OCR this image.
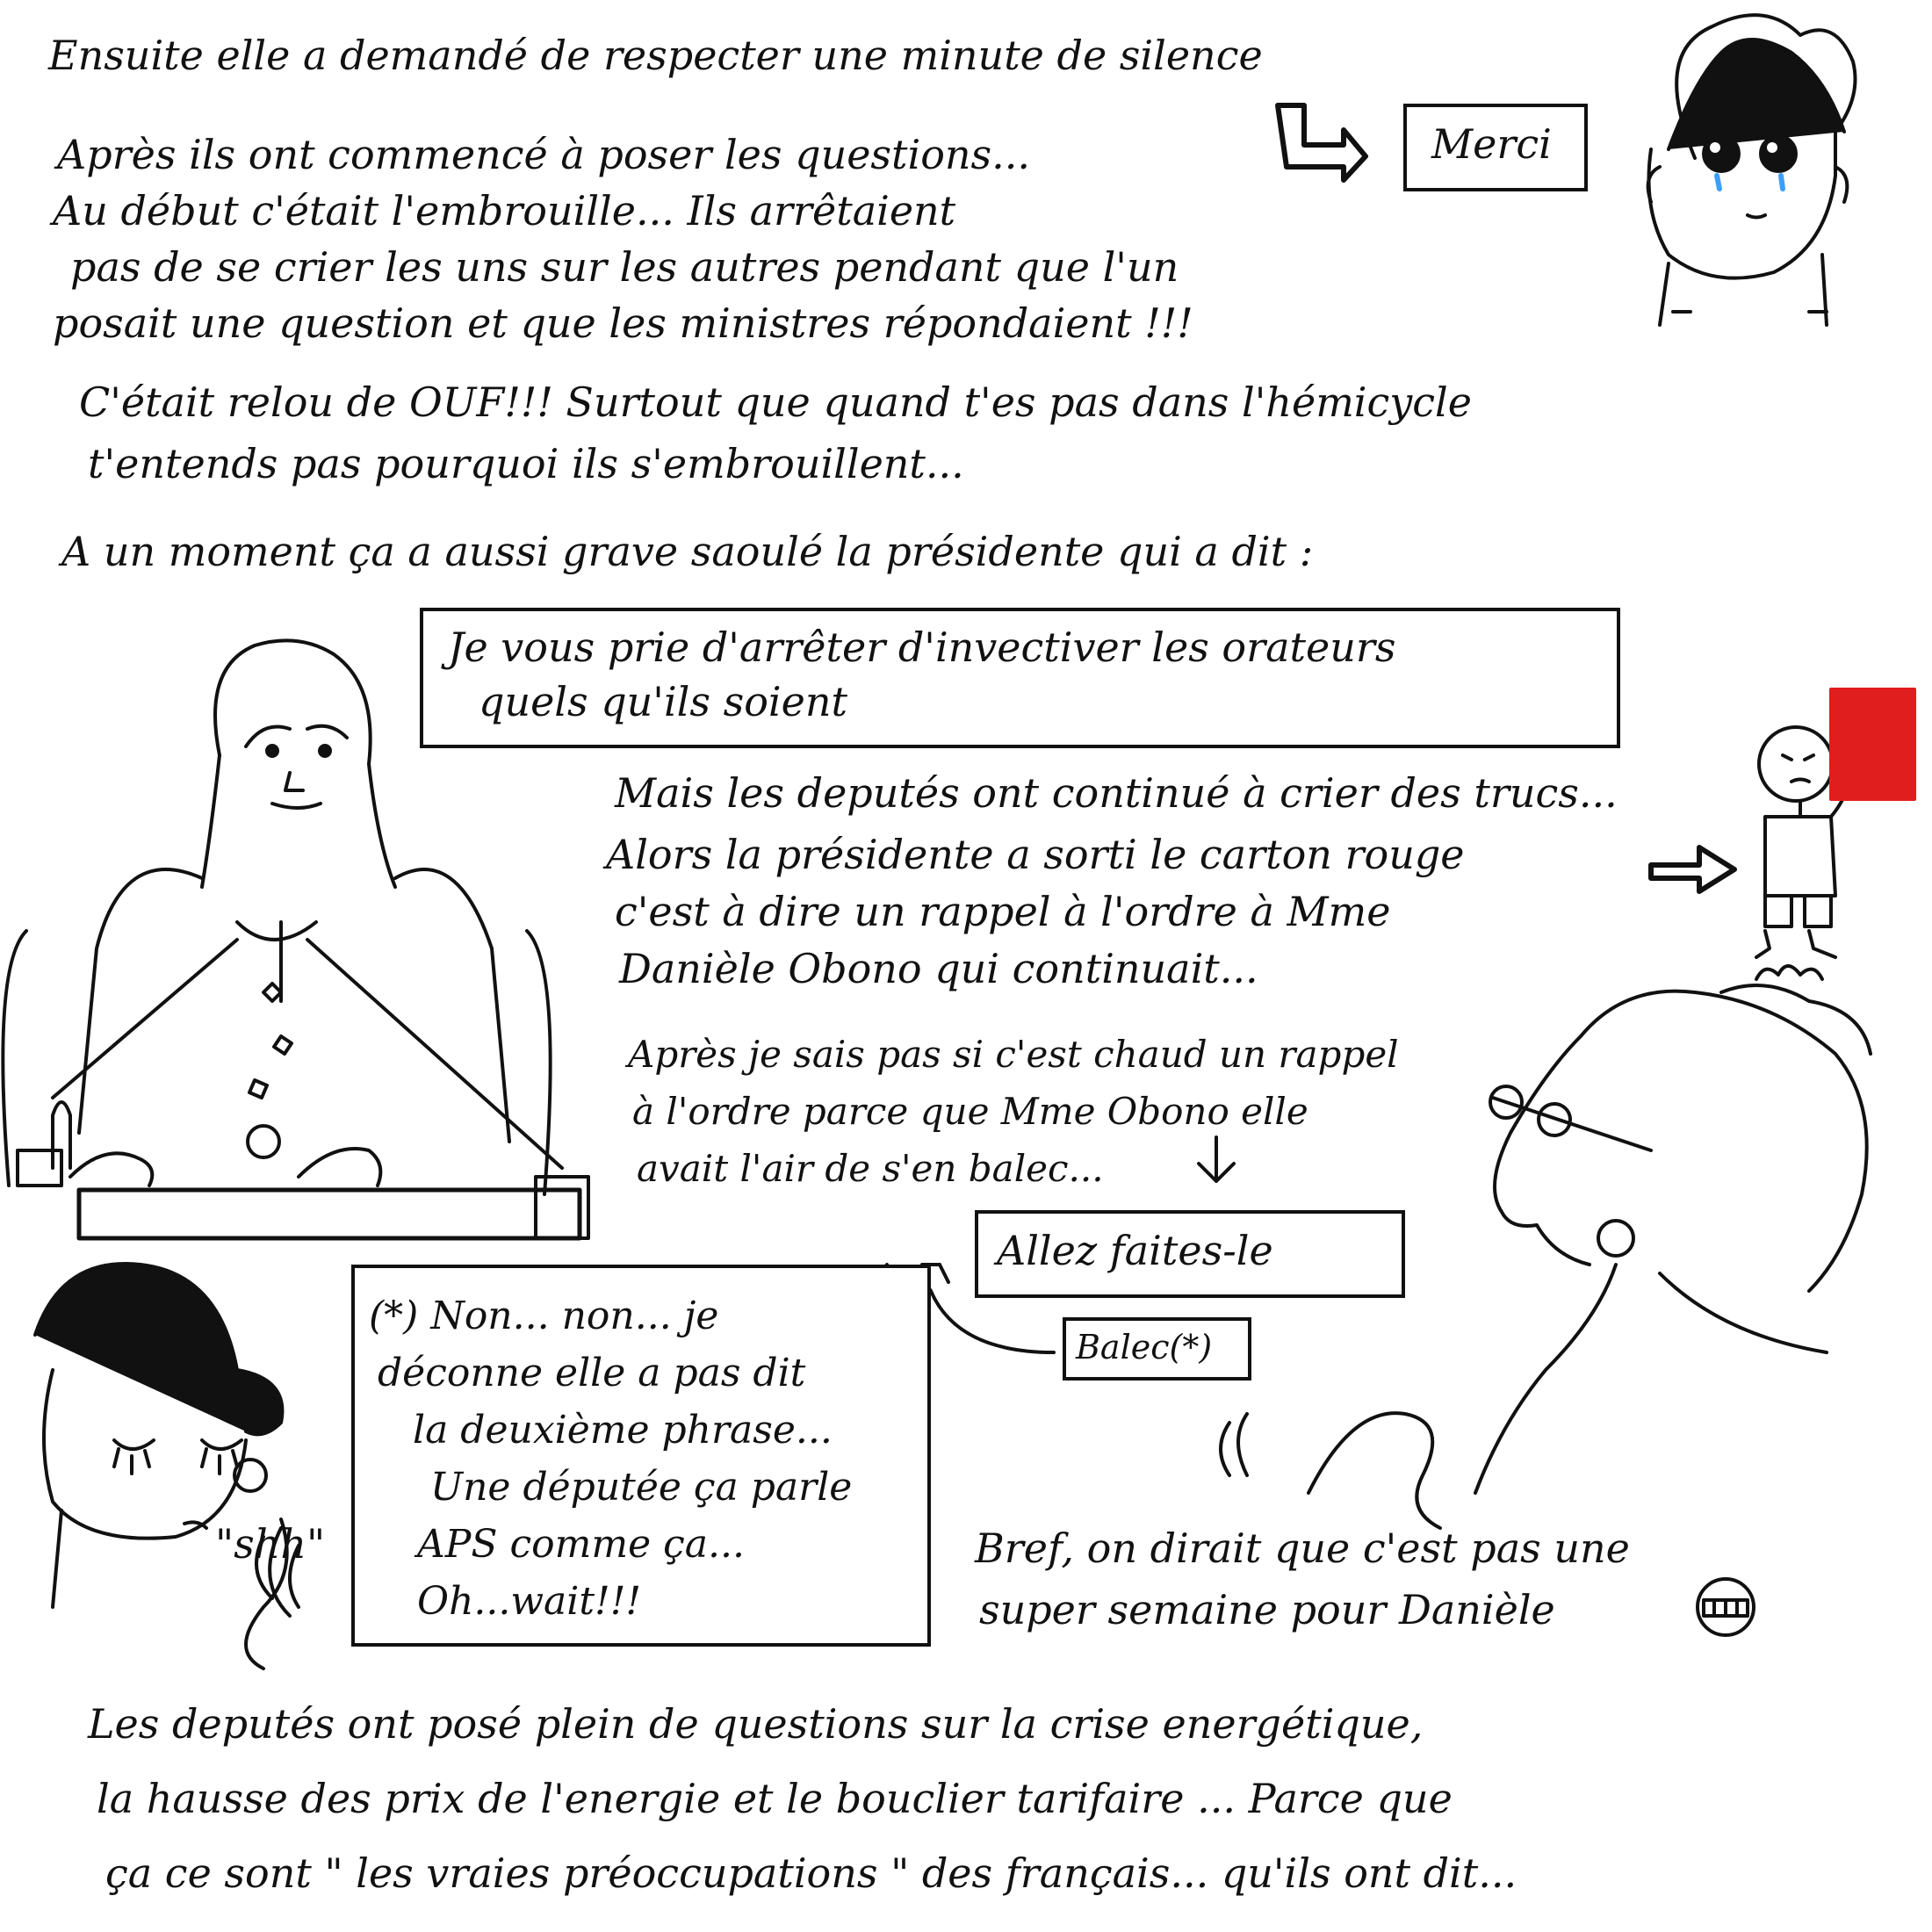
Ensuite elle a demandé de respecter une minute de silence
Merci
Après ils ont commencé à poser les questions...
Au début c'était l'embrouille... Ils arrêtaient
pas de se crier les uns sur les autres pendant que l'un
posait une question et que les ministres répondaient !!!
C'était relou de OUF!!! Surtout que quand t'es pas dans l'hémicycle
t'entends pas pourquoi ils s'embrouillent...
A un moment ça a aussi grave saoulé la présidente qui a dit :
Je vous prie d'arrêter d'invectiver les orateurs
quels qu'ils soient
Mais les deputés ont continué à crier des trucs...
Alors la présidente a sorti le carton rouge
c'est à dire un rappel à l'ordre à Mme
Danièle Obono qui continuait...
Après je sais pas si c'est chaud un rappel
à l'ordre parce que Mme Obono elle
avait l'air de s'en balec...
Allez faites-le
Balec(*)
(*) Non... non... je
déconne elle a pas dit
la deuxième phrase...
Une députée ça parle
APS comme ça...
Oh...wait!!!
"shh"	Bref, on dirait que c'est pas une
super semaine pour Danièle
Les deputés ont posé plein de questions sur la crise energétique,
la hausse des prix de l'energie et le bouclier tarifaire ... Parce que
ça ce sont " les vraies préoccupations " des français... qu'ils ont dit...
